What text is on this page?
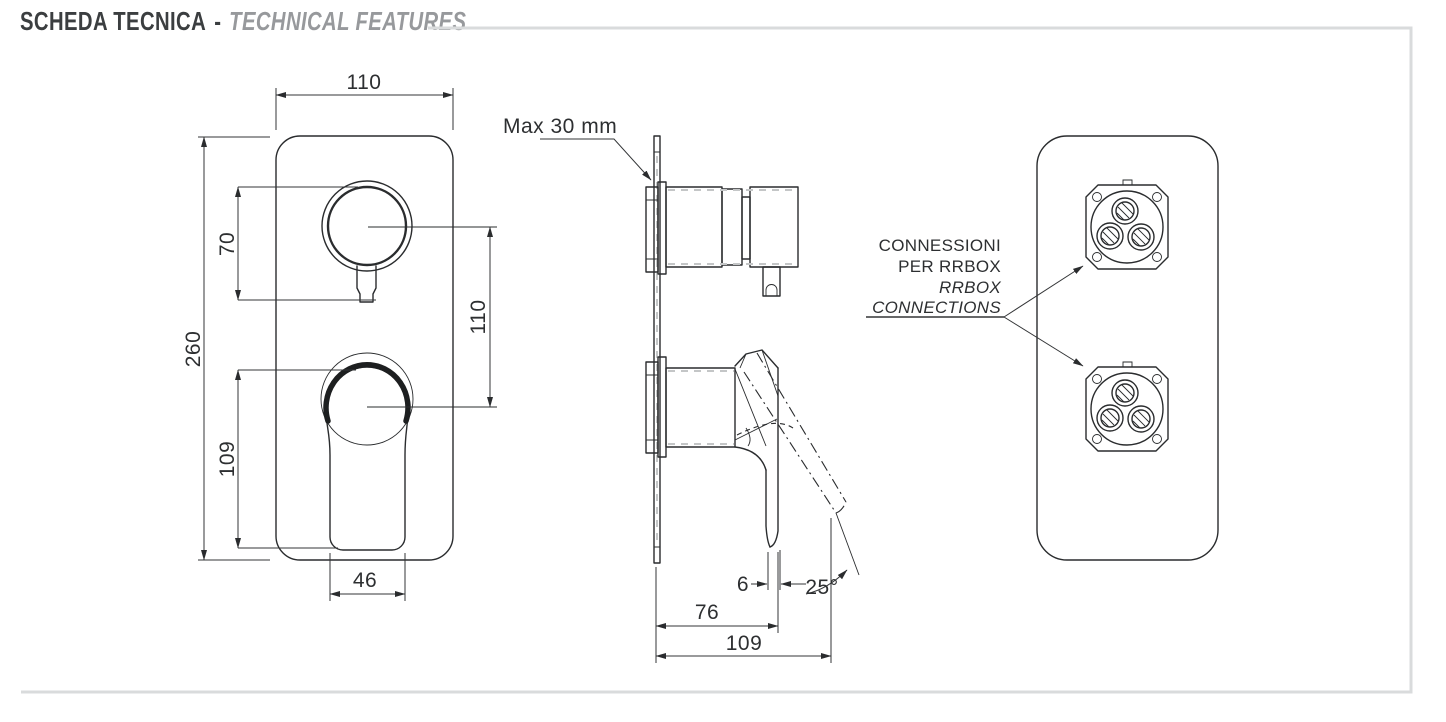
SCHEDA TECNICA - TECHNICAL FEATURES
110
260
70
109
110
46
Max 30 mm
6	25°
76
109
CONNESSIONI
PER RRBOX
RRBOX
CONNECTIONS
